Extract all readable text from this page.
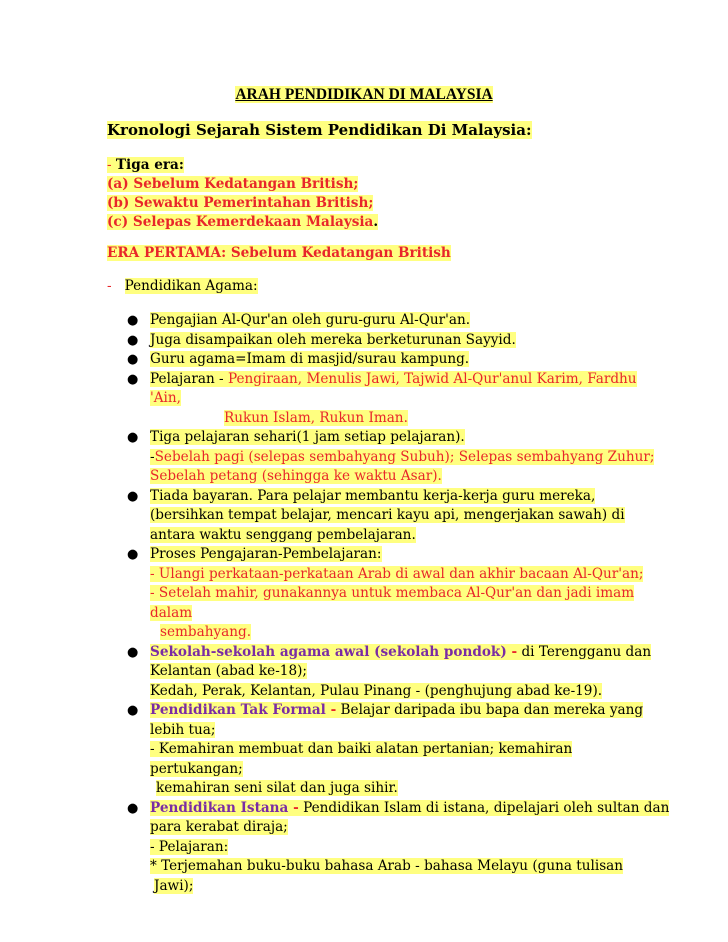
ARAH PENDIDIKAN DI MALAYSIA
Kronologi Sejarah Sistem Pendidikan Di Malaysia:
- Tiga era:
(a) Sebelum Kedatangan British;
(b) Sewaktu Pemerintahan British;
(c) Selepas Kemerdekaan Malaysia.
ERA PERTAMA: Sebelum Kedatangan British
- Pendidikan Agama:
● Pengajian Al-Qur'an oleh guru-guru Al-Qur'an.
● Juga disampaikan oleh mereka berketurunan Sayyid.
● Guru agama=Imam di masjid/surau kampung.
● Pelajaran - Pengiraan, Menulis Jawi, Tajwid Al-Qur'anul Karim, Fardhu
'Ain,
Rukun Islam, Rukun Iman.
● Tiga pelajaran sehari(1 jam setiap pelajaran).
-Sebelah pagi (selepas sembahyang Subuh); Selepas sembahyang Zuhur;
Sebelah petang (sehingga ke waktu Asar).
● Tiada bayaran. Para pelajar membantu kerja-kerja guru mereka,
(bersihkan tempat belajar, mencari kayu api, mengerjakan sawah) di
antara waktu senggang pembelajaran.
● Proses Pengajaran-Pembelajaran:
- Ulangi perkataan-perkataan Arab di awal dan akhir bacaan Al-Qur'an;
- Setelah mahir, gunakannya untuk membaca Al-Qur'an dan jadi imam
dalam
sembahyang.
● Sekolah-sekolah agama awal (sekolah pondok) - di Terengganu dan
Kelantan (abad ke-18);
Kedah, Perak, Kelantan, Pulau Pinang - (penghujung abad ke-19).
● Pendidikan Tak Formal - Belajar daripada ibu bapa dan mereka yang
lebih tua;
- Kemahiran membuat dan baiki alatan pertanian; kemahiran
pertukangan;
kemahiran seni silat dan juga sihir.
● Pendidikan Istana - Pendidikan Islam di istana, dipelajari oleh sultan dan
para kerabat diraja;
- Pelajaran:
* Terjemahan buku-buku bahasa Arab - bahasa Melayu (guna tulisan
Jawi);
